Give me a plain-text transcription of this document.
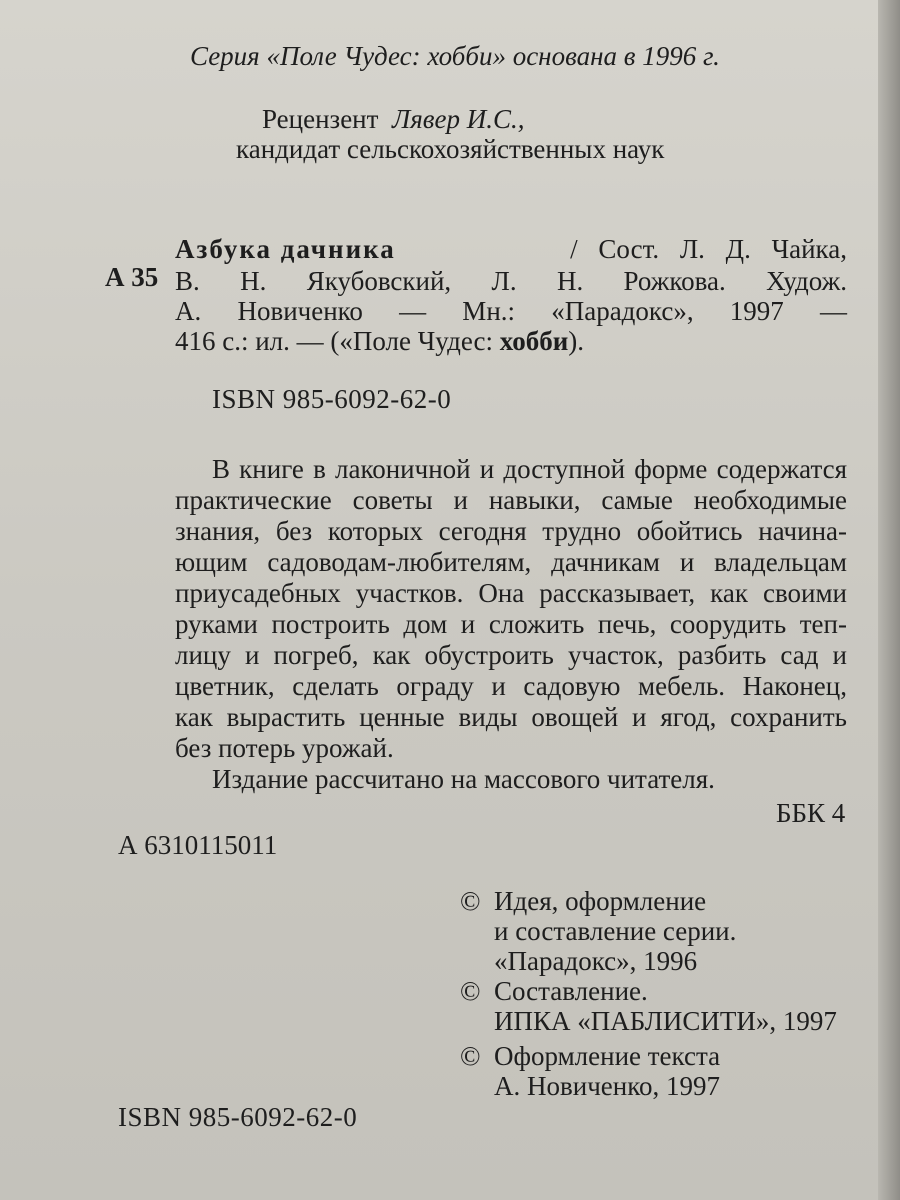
Серия «Поле Чудес: хобби» основана в 1996 г.
Рецензент Лявер И.С.,
кандидат сельскохозяйственных наук
А 35
Азбука дачника	/ Сост. Л. Д. Чайка,
В. Н. Якубовский, Л. Н. Рожкова. Худож.
А. Новиченко — Мн.: «Парадокс», 1997 —
416 с.: ил. — («Поле Чудес: хобби).
ISBN 985-6092-62-0
В книге в лаконичной и доступной форме содержатся
практические советы и навыки, самые необходимые
знания, без которых сегодня трудно обойтись начина-
ющим садоводам-любителям, дачникам и владельцам
приусадебных участков. Она рассказывает, как своими
руками построить дом и сложить печь, соорудить теп-
лицу и погреб, как обустроить участок, разбить сад и
цветник, сделать ограду и садовую мебель. Наконец,
как вырастить ценные виды овощей и ягод, сохранить
без потерь урожай.
Издание рассчитано на массового читателя.
А 6310115011
ББК 4
© Идея, оформление
и составление серии.
«Парадокс», 1996
© Составление.
ИПКА «ПАБЛИСИТИ», 1997
© Оформление текста
А. Новиченко, 1997
ISBN 985-6092-62-0
